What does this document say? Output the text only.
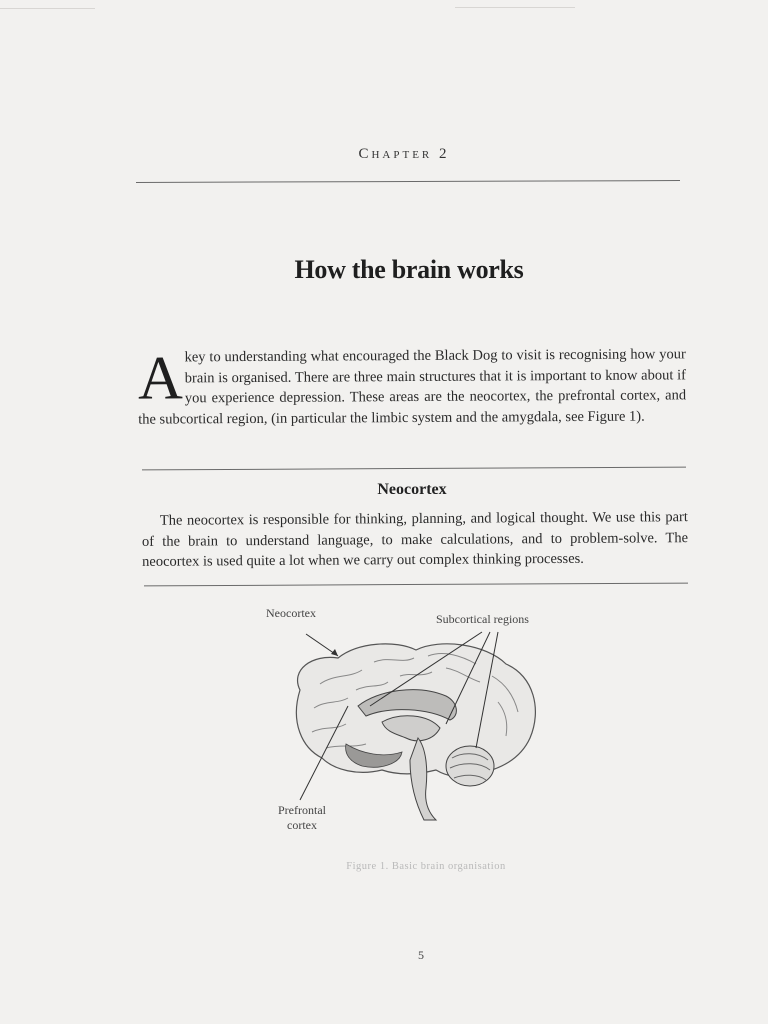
Chapter 2
How the brain works

Akey to understanding what encouraged the Black Dog to visit is recognising how your brain is organised. There are three main structures that it is important to know about if you experience depression. These areas are the neocortex, the prefrontal cortex, and the subcortical region, (in particular the limbic system and the amygdala, see Figure 1).

Neocortex

The neocortex is responsible for thinking, planning, and logical thought. We use this part of the brain to understand language, to make calculations, and to problem-solve. The neocortex is used quite a lot when we carry out complex thinking processes.

Neocortex	Subcortical regions
Prefrontal
cortex
Figure 1. Basic brain organisation
5
